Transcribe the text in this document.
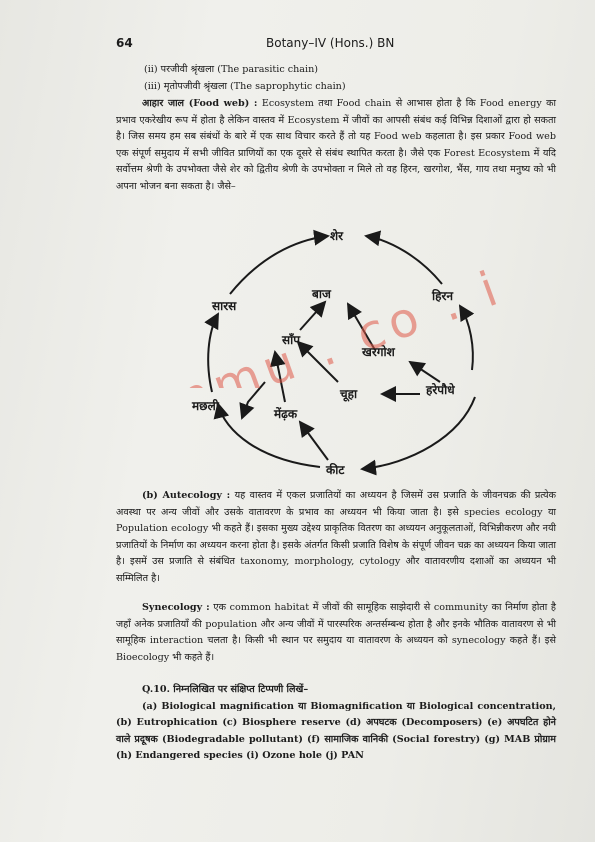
64	Botany–IV (Hons.) BN

(ii) परजीवी श्रृंखला (The parasitic chain)

(iii) मृतोपजीवी श्रृंखला (The saprophytic chain)

आहार जाल (Food web) : Ecosystem तथा Food chain से आभास होता है कि Food energy का प्रभाव एकरेखीय रूप में होता है लेकिन वास्तव में Ecosystem में जीवों का आपसी संबंध कई विभिन्न दिशाओं द्वारा हो सकता है। जिस समय हम सब संबंधों के बारे में एक साथ विचार करते हैं तो यह Food web कहलाता है। इस प्रकार Food web एक संपूर्ण समुदाय में सभी जीवित प्राणियों का एक दूसरे से संबंध स्थापित करता है। जैसे एक Forest Ecosystem में यदि सर्वोत्तम श्रेणी के उपभोक्ता जैसे शेर को द्वितीय श्रेणी के उपभोक्ता न मिले तो वह हिरन, खरगोश, भैंस, गाय तथा मनुष्य को भी अपना भोजन बना सकता है। जैसे–

शेर
सारस
बाज	हिरन
साँप
खरगोश
चूहा	हरेपौधे
मछली
मेंढ़क
कीट
bnmu . co . in

(b) Autecology : यह वास्तव में एकल प्रजातियों का अध्ययन है जिसमें उस प्रजाति के जीवनचक्र की प्रत्येक अवस्था पर अन्य जीवों और उसके वातावरण के प्रभाव का अध्ययन भी किया जाता है। इसे species ecology या Population ecology भी कहते हैं। इसका मुख्य उद्देश्य प्राकृतिक वितरण का अध्ययन अनुकूलताओं, विभिन्नीकरण और नयी प्रजातियों के निर्माण का अध्ययन करना होता है। इसके अंतर्गत किसी प्रजाति विशेष के संपूर्ण जीवन चक्र का अध्ययन किया जाता है। इसमें उस प्रजाति से संबंधित taxonomy, morphology, cytology और वातावरणीय दशाओं का अध्ययन भी सम्मिलित है।

Synecology : एक common habitat में जीवों की सामूहिक साझेदारी से community का निर्माण होता है जहाँ अनेक प्रजातियाँ की population और अन्य जीवों में पारस्परिक अन्तर्सम्बन्ध होता है और इनके भौतिक वातावरण से भी सामूहिक interaction चलता है। किसी भी स्थान पर समुदाय या वातावरण के अध्ययन को synecology कहते हैं। इसे Bioecology भी कहते हैं।

Q.10. निम्नलिखित पर संक्षिप्त टिप्पणी लिखें–

(a) Biological magnification या Biomagnification या Biological concentration, (b) Eutrophication (c) Biosphere reserve (d) अपघटक (Decomposers) (e) अपघटित होने वाले प्रदूषक (Biodegradable pollutant) (f) सामाजिक वानिकी (Social forestry) (g) MAB प्रोग्राम (h) Endangered species (i) Ozone hole (j) PAN
